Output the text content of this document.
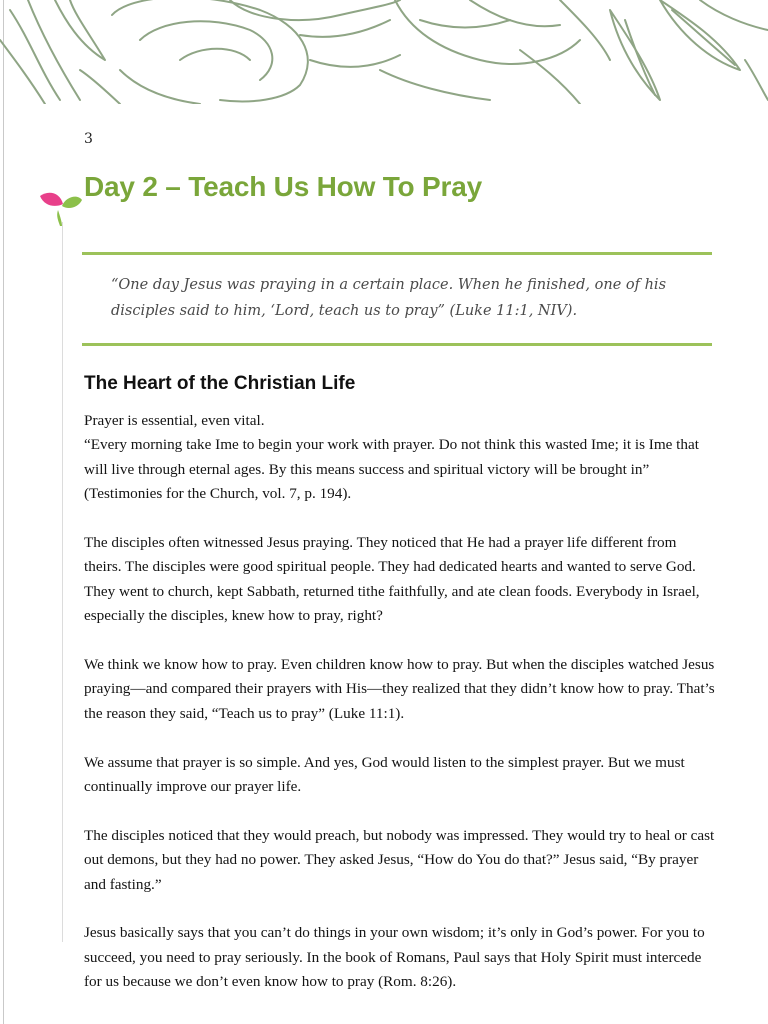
3
Day 2 – Teach Us How To Pray
“One day Jesus was praying in a certain place. When he finished, one of his
disciples said to him, ‘Lord, teach us to pray” (Luke 11:1, NIV).
The Heart of the Christian Life

Prayer is essential, even vital.

“Every morning take Ime to begin your work with prayer. Do not think this wasted Ime; it is Ime that will live through eternal ages. By this means success and spiritual victory will be brought in” (Testimonies for the Church, vol. 7, p. 194).

The disciples often witnessed Jesus praying. They noticed that He had a prayer life different from theirs. The disciples were good spiritual people. They had dedicated hearts and wanted to serve God. They went to church, kept Sabbath, returned tithe faithfully, and ate clean foods. Everybody in Israel, especially the disciples, knew how to pray, right?

We think we know how to pray. Even children know how to pray. But when the disciples watched Jesus praying—and compared their prayers with His—they realized that they didn’t know how to pray. That’s the reason they said, “Teach us to pray” (Luke 11:1).

We assume that prayer is so simple. And yes, God would listen to the simplest prayer. But we must continually improve our prayer life.

The disciples noticed that they would preach, but nobody was impressed. They would try to heal or cast out demons, but they had no power. They asked Jesus, “How do You do that?” Jesus said, “By prayer and fasting.”

Jesus basically says that you can’t do things in your own wisdom; it’s only in God’s power. For you to succeed, you need to pray seriously. In the book of Romans, Paul says that Holy Spirit must intercede for us because we don’t even know how to pray (Rom. 8:26).
